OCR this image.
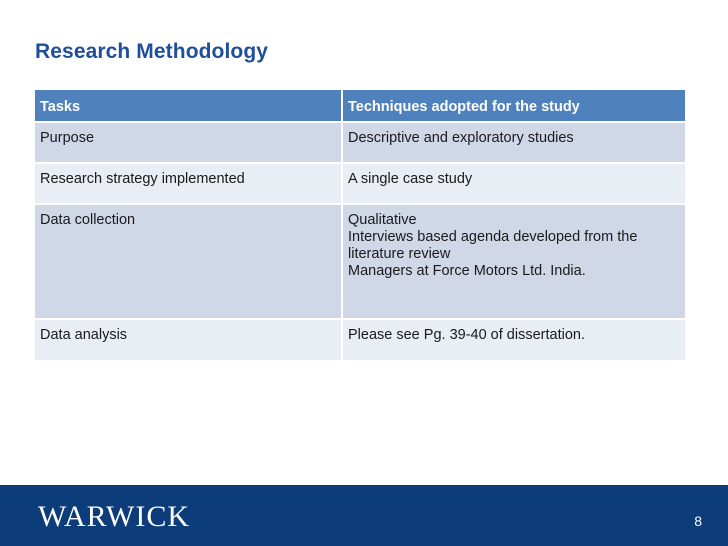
Research Methodology
Tasks	Techniques adopted for the study
Purpose	Descriptive and exploratory studies

Research strategy implemented	A single case study

Data collection	Qualitative
Interviews based agenda developed from the
literature review
Managers at Force Motors Ltd. India.

Data analysis	Please see Pg. 39-40 of dissertation.
WARWICK	8
